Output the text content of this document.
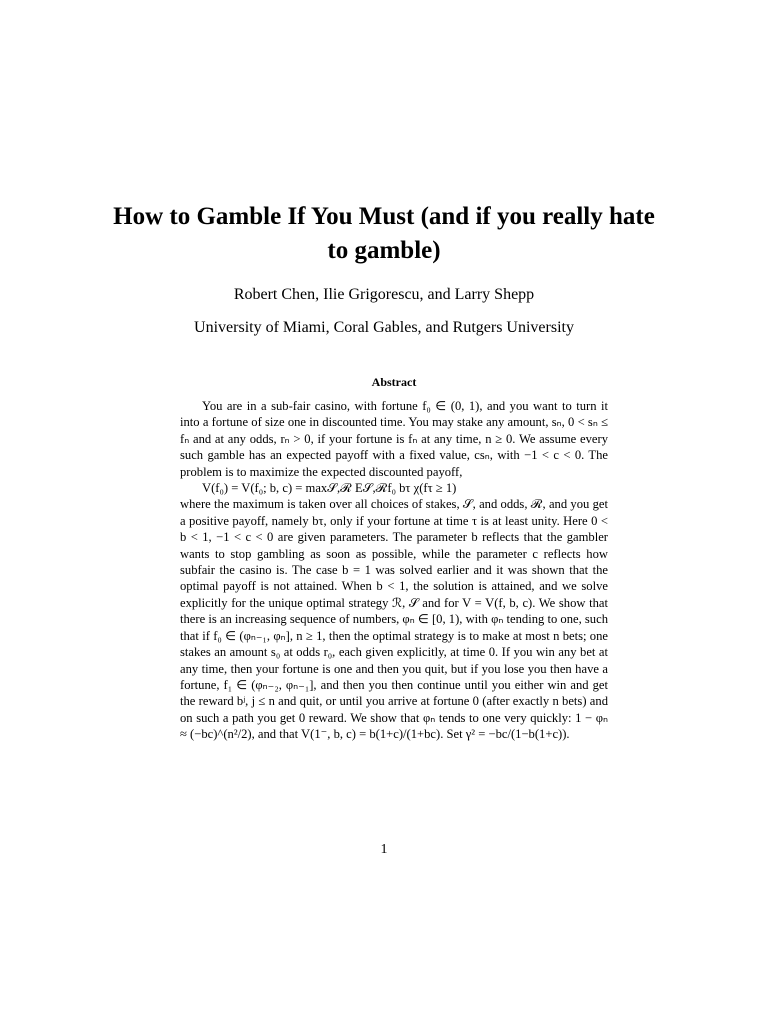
How to Gamble If You Must (and if you really hate to gamble)
Robert Chen, Ilie Grigorescu, and Larry Shepp
University of Miami, Coral Gables, and Rutgers University
Abstract

You are in a sub-fair casino, with fortune f₀ ∈ (0, 1), and you want to turn it into a fortune of size one in discounted time. You may stake any amount, sₙ, 0 < sₙ ≤ fₙ and at any odds, rₙ > 0, if your fortune is fₙ at any time, n ≥ 0. We assume every such gamble has an expected payoff with a fixed value, csₙ, with −1 < c < 0. The problem is to maximize the expected discounted payoff,

V(f₀) = V(f₀; b, c) = max𝒮,ℛ E𝒮,ℛf₀ bτ χ(fτ ≥ 1)

where the maximum is taken over all choices of stakes, 𝒮, and odds, ℛ, and you get a positive payoff, namely bτ, only if your fortune at time τ is at least unity. Here 0 < b < 1, −1 < c < 0 are given parameters. The parameter b reflects that the gambler wants to stop gambling as soon as possible, while the parameter c reflects how subfair the casino is. The case b = 1 was solved earlier and it was shown that the optimal payoff is not attained. When b < 1, the solution is attained, and we solve explicitly for the unique optimal strategy ℛ, 𝒮 and for V = V(f, b, c). We show that there is an increasing sequence of numbers, φₙ ∈ [0, 1), with φₙ tending to one, such that if f₀ ∈ (φₙ₋₁, φₙ], n ≥ 1, then the optimal strategy is to make at most n bets; one stakes an amount s₀ at odds r₀, each given explicitly, at time 0. If you win any bet at any time, then your fortune is one and then you quit, but if you lose you then have a fortune, f₁ ∈ (φₙ₋₂, φₙ₋₁], and then you then continue until you either win and get the reward bʲ, j ≤ n and quit, or until you arrive at fortune 0 (after exactly n bets) and on such a path you get 0 reward. We show that φₙ tends to one very quickly: 1 − φₙ ≈ (−bc)^(n²/2), and that V(1⁻, b, c) = b(1+c)/(1+bc). Set γ² = −bc/(1−b(1+c)).

1
